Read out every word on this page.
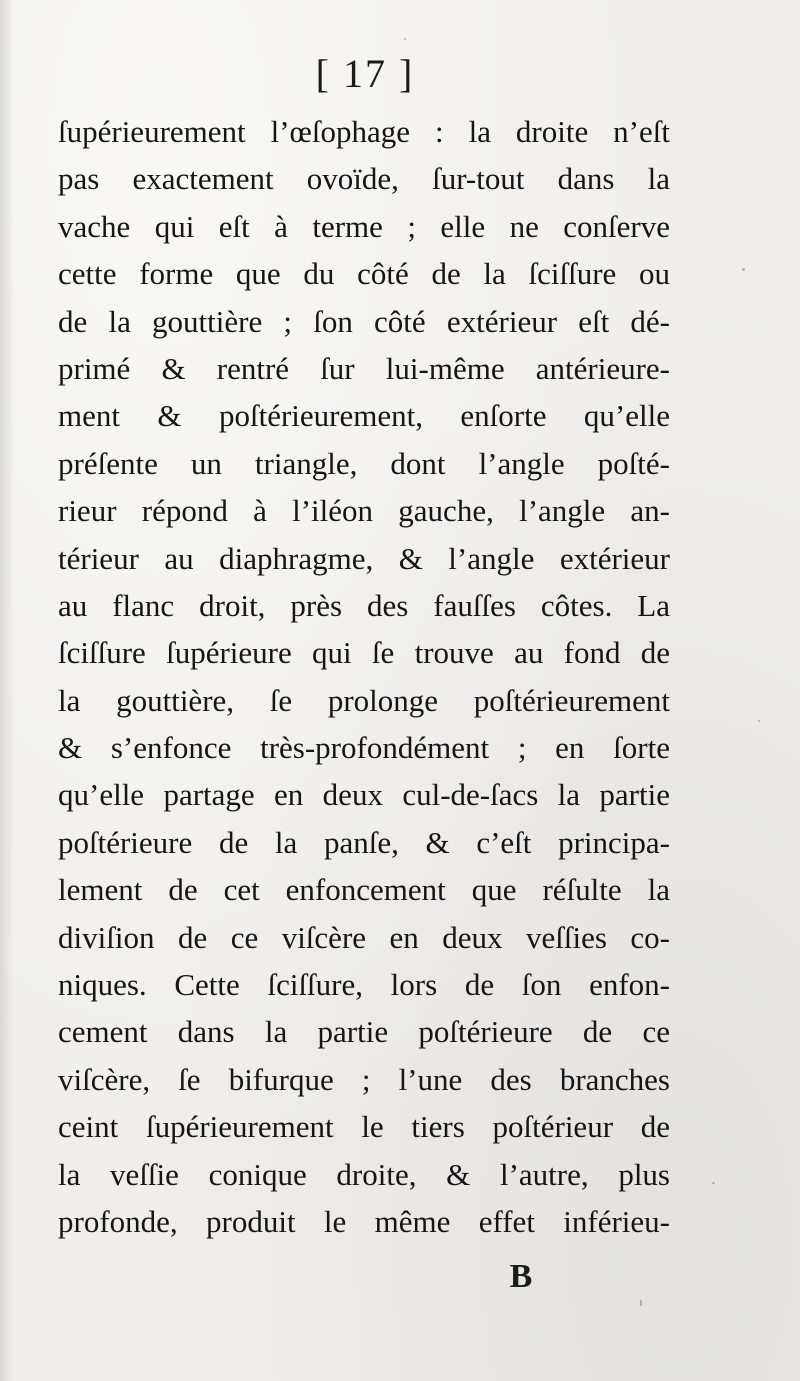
[ 17 ]
ſupérieurement l’œſophage : la droite n’eſt
pas exactement ovoïde, ſur-tout dans la
vache qui eſt à terme ; elle ne conſerve
cette forme que du côté de la ſciſſure ou
de la gouttière ; ſon côté extérieur eſt dé-
primé & rentré ſur lui-même antérieure-
ment & poſtérieurement, enſorte qu’elle
préſente un triangle, dont l’angle poſté-
rieur répond à l’iléon gauche, l’angle an-
térieur au diaphragme, & l’angle extérieur
au flanc droit, près des fauſſes côtes. La
ſciſſure ſupérieure qui ſe trouve au fond de
la gouttière, ſe prolonge poſtérieurement
& s’enfonce très-profondément ; en ſorte
qu’elle partage en deux cul-de-ſacs la partie
poſtérieure de la panſe, & c’eſt principa-
lement de cet enfoncement que réſulte la
diviſion de ce viſcère en deux veſſies co-
niques. Cette ſciſſure, lors de ſon enfon-
cement dans la partie poſtérieure de ce
viſcère, ſe bifurque ; l’une des branches
ceint ſupérieurement le tiers poſtérieur de
la veſſie conique droite, & l’autre, plus
profonde, produit le même effet inférieu-
B
